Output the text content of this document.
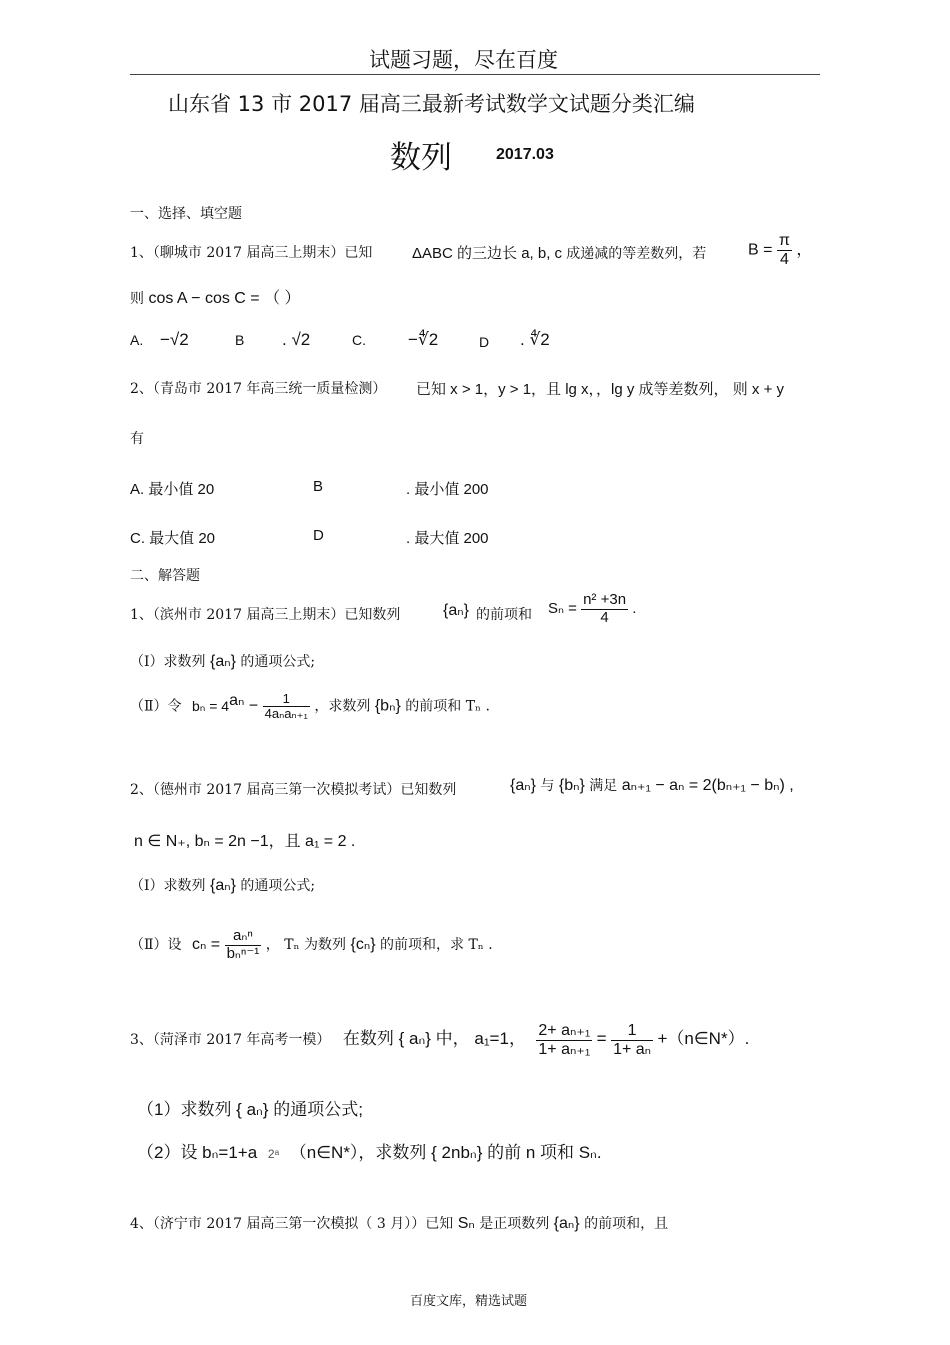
试题习题，尽在百度
山东省 13 市 2017 届高三最新考试数学文试题分类汇编
数列	2017.03
一、选择、填空题
1、（聊城市 2017 届高三上期末）已知	ΔABC 的三边长 a, b, c 成递减的等差数列，若	$B = \frac{\pi}{4}$ ，
则 cos A − cos C = （ ）
A. −√2	B . √2	C. −∜2	D . ∜2
2、（青岛市 2017 年高三统一质量检测） 已知 x > 1，y > 1，且 lg x，，lg y 成等差数列， 则 x + y
有
A. 最小值 20	B	. 最小值 200
C. 最大值 20	D	. 最大值 200
二、解答题
1、（滨州市 2017 届高三上期末）已知数列	{aₙ} 的前项和 $S_n = \frac{\text{n² +3n}}{4}$ .
（Ⅰ）求数列 {aₙ} 的通项公式;
（Ⅱ）令 $b_n = 4^{a_n} - \frac{1}{\text{4aₙaₙ₊₁}}$ ，求数列 {bₙ} 的前项和 Tₙ .
2、（德州市 2017 届高三第一次模拟考试）已知数列	{aₙ} 与 {bₙ} 满足 aₙ₊₁ − aₙ = 2(bₙ₊₁ − bₙ) ,
n ∈ N₊, bₙ = 2n −1，且 a₁ = 2 .
（Ⅰ）求数列 {aₙ} 的通项公式;
（Ⅱ）设 $c_n = \frac{\text{aₙⁿ}}{\text{bₙⁿ⁻¹}}$ ， Tₙ 为数列 {cₙ} 的前项和，求 Tₙ .
3、（菏泽市 2017 年高考一模） 在数列 { aₙ} 中， a₁=1， $\frac{\text{2+ aₙ₊₁}}{\text{1+ aₙ₊₁}} = \frac{1}{\text{1+ aₙ}}$ +（n∈N*）.
（1）求数列 { aₙ} 的通项公式;
（2）设 bₙ=1+a 2ᵃ （n∈N*），求数列 { 2nbₙ} 的前 n 项和 Sₙ.
4、（济宁市 2017 届高三第一次模拟（ 3 月））已知 Sₙ 是正项数列 {aₙ} 的前项和，且
百度文库，精选试题
